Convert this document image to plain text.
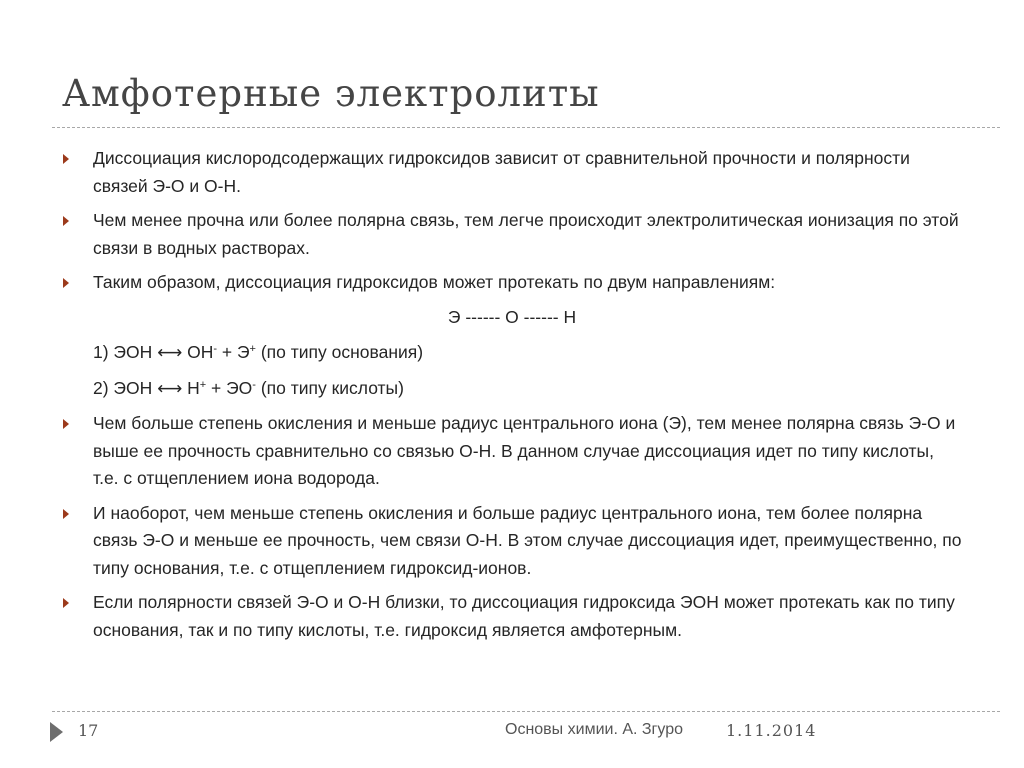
Амфотерные электролиты
Диссоциация кислородсодержащих гидроксидов зависит от сравнительной прочности и полярности связей Э-О и О-Н.
Чем менее прочна или более полярна связь, тем легче происходит электролитическая ионизация по этой связи в водных растворах.
Таким образом, диссоциация гидроксидов может протекать по двум направлениям:
Э ------ О ------ Н
1) ЭОН ⟷ ОН- + Э+ (по типу основания)
2) ЭОН ⟷ Н+ + ЭО- (по типу кислоты)
Чем больше степень окисления и меньше радиус центрального иона (Э), тем менее полярна связь Э-О и выше ее прочность сравнительно со связью О-Н. В данном случае диссоциация идет по типу кислоты, т.е. с отщеплением иона водорода.
И наоборот, чем меньше степень окисления и больше радиус центрального иона, тем более полярна связь Э-О и меньше ее прочность, чем связи О-Н. В этом случае диссоциация идет, преимущественно, по типу основания, т.е. с отщеплением гидроксид-ионов.
Если полярности связей Э-О и О-Н близки, то диссоциация гидроксида ЭОН может протекать как по типу основания, так и по типу кислоты, т.е. гидроксид является амфотерным.
17	Основы химии. А. Згуро	1.11.2014
